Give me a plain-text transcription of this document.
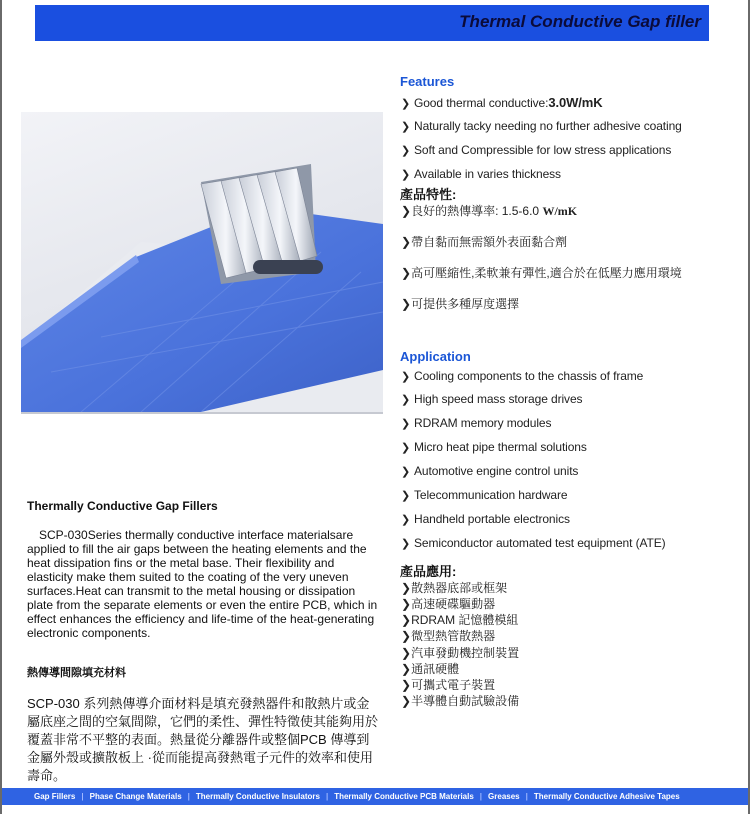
Thermal Conductive Gap filler
Features
❯ Good thermal conductive:3.0W/mK
❯ Naturally tacky needing no further adhesive coating
❯ Soft and Compressible for low stress applications
❯ Available in varies thickness
產品特性:
❯良好的熱傳導率: 1.5-6.0 W/mK
❯帶自黏而無需額外表面黏合劑
❯高可壓縮性,柔軟兼有彈性,適合於在低壓力應用環境
❯可提供多種厚度選擇
Application
❯ Cooling components to the chassis of frame
❯ High speed mass storage drives
❯ RDRAM memory modules
❯ Micro heat pipe thermal solutions
❯ Automotive engine control units
❯ Telecommunication hardware
❯ Handheld portable electronics
❯ Semiconductor automated test equipment (ATE)
產品應用:
❯散熱器底部或框架
❯高速硬碟驅動器
❯RDRAM 記憶體模組
❯微型熱管散熱器
❯汽車發動機控制裝置
❯通訊硬體
❯可攜式電子裝置
❯半導體自動試驗設備
Thermally Conductive Gap Fillers
SCP-030Series thermally conductive interface materialsare applied to fill the air gaps between the heating elements and the heat dissipation fins or the metal base. Their flexibility and elasticity make them suited to the coating of the very uneven surfaces.Heat can transmit to the metal housing or dissipation plate from the separate elements or even the entire PCB, which in effect enhances the efficiency and life-time of the heat-generating electronic components.
熱傳導間隙填充材料
SCP-030 系列熱傳導介面材料是填充發熱器件和散熱片或金屬底座之間的空氣間隙，它們的柔性、彈性特徵使其能夠用於覆蓋非常不平整的表面。熱量從分離器件或整個PCB 傳導到金屬外殼或擴散板上 ·從而能提高發熱電子元件的效率和使用壽命。
Gap Fillers | Phase Change Materials | Thermally Conductive Insulators | Thermally Conductive PCB Materials | Greases | Thermally Conductive Adhesive Tapes
